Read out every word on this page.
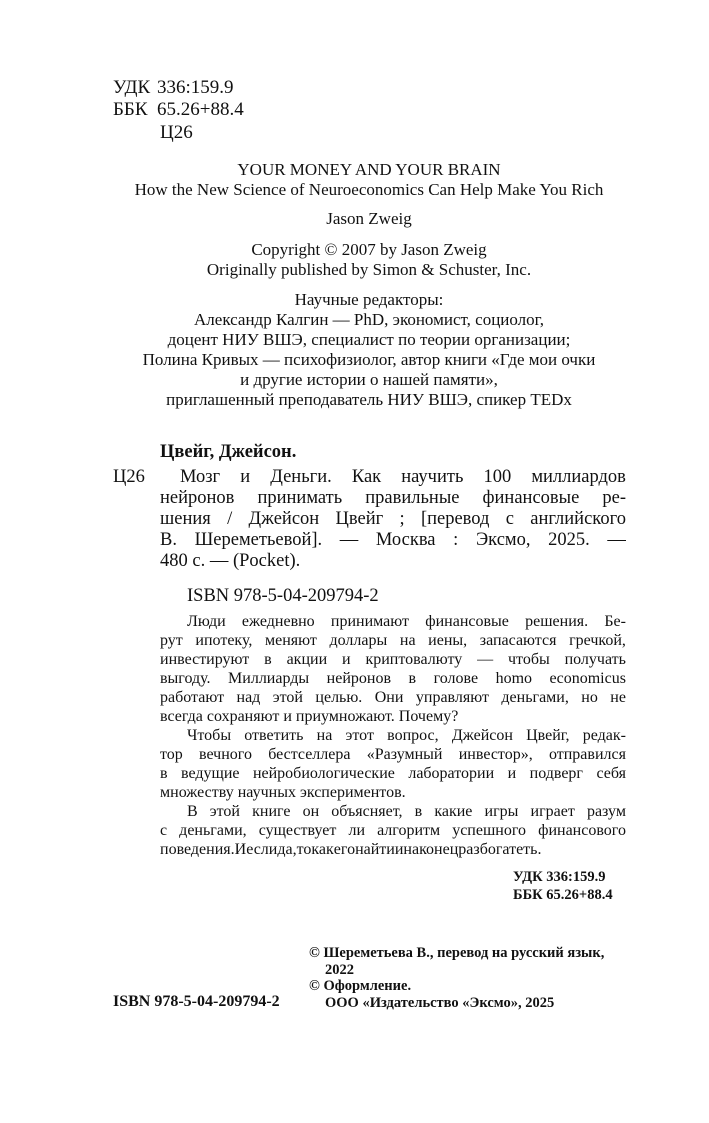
УДК 336:159.9
ББК 65.26+88.4
Ц26
YOUR MONEY AND YOUR BRAIN
How the New Science of Neuroeconomics Can Help Make You Rich
Jason Zweig
Copyright © 2007 by Jason Zweig
Originally published by Simon & Schuster, Inc.
Научные редакторы:
Александр Калгин — PhD, экономист, социолог,
доцент НИУ ВШЭ, специалист по теории организации;
Полина Кривых — психофизиолог, автор книги «Где мои очки
и другие истории о нашей памяти»,
приглашенный преподаватель НИУ ВШЭ, спикер TEDx
Цвейг, Джейсон.
Ц26 Мозг и Деньги. Как научить 100 миллиардов
нейронов принимать правильные финансовые ре-
шения / Джейсон Цвейг ; [перевод с английского
В. Шереметьевой]. — Москва : Эксмо, 2025. —
480 с. — (Pocket).
ISBN 978-5-04-209794-2
Люди ежедневно принимают финансовые решения. Бе-
рут ипотеку, меняют доллары на иены, запасаются гречкой,
инвестируют в акции и криптовалюту — чтобы получать
выгоду. Миллиарды нейронов в голове homo economicus
работают над этой целью. Они управляют деньгами, но не
всегда сохраняют и приумножают. Почему?
Чтобы ответить на этот вопрос, Джейсон Цвейг, редак-
тор вечного бестселлера «Разумный инвестор», отправился
в ведущие нейробиологические лаборатории и подверг себя
множеству научных экспериментов.
В этой книге он объясняет, в какие игры играет разум
с деньгами, существует ли алгоритм успешного финансового
поведения. И если да, то как его найти и наконец разбогатеть.
УДК 336:159.9
ББК 65.26+88.4
© Шереметьева В., перевод на русский язык,
2022
© Оформление.
ООО «Издательство «Эксмо», 2025
ISBN 978-5-04-209794-2
